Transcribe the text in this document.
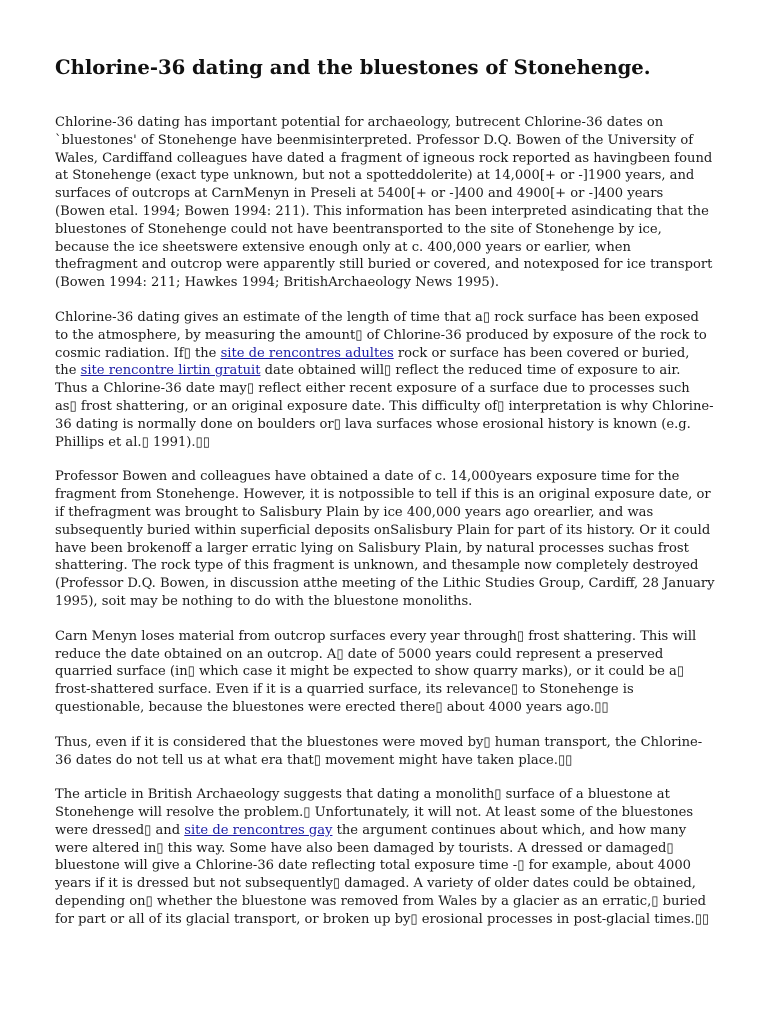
Chlorine-36 dating and the bluestones of Stonehenge.

Chlorine-36 dating has important potential for archaeology, butrecent Chlorine-36 dates on `bluestones' of Stonehenge have beenmisinterpreted. Professor D.Q. Bowen of the University of Wales, Cardiffand colleagues have dated a fragment of igneous rock reported as havingbeen found at Stonehenge (exact type unknown, but not a spotteddolerite) at 14,000[+ or -]1900 years, and surfaces of outcrops at CarnMenyn in Preseli at 5400[+ or -]400 and 4900[+ or -]400 years (Bowen etal. 1994; Bowen 1994: 211). This information has been interpreted asindicating that the bluestones of Stonehenge could not have beentransported to the site of Stonehenge by ice, because the ice sheetswere extensive enough only at c. 400,000 years or earlier, when thefragment and outcrop were apparently still buried or covered, and notexposed for ice transport (Bowen 1994: 211; Hawkes 1994; BritishArchaeology News 1995).

Chlorine-36 dating gives an estimate of the length of time that a▯ rock surface has been exposed to the atmosphere, by measuring the amount▯ of Chlorine-36 produced by exposure of the rock to cosmic radiation. If▯ the site de rencontres adultes rock or surface has been covered or buried, the site rencontre lirtin gratuit date obtained will▯ reflect the reduced time of exposure to air. Thus a Chlorine-36 date may▯ reflect either recent exposure of a surface due to processes such as▯ frost shattering, or an original exposure date. This difficulty of▯ interpretation is why Chlorine-36 dating is normally done on boulders or▯ lava surfaces whose erosional history is known (e.g. Phillips et al.▯ 1991).▯▯

Professor Bowen and colleagues have obtained a date of c. 14,000years exposure time for the fragment from Stonehenge. However, it is notpossible to tell if this is an original exposure date, or if thefragment was brought to Salisbury Plain by ice 400,000 years ago orearlier, and was subsequently buried within superficial deposits onSalisbury Plain for part of its history. Or it could have been brokenoff a larger erratic lying on Salisbury Plain, by natural processes suchas frost shattering. The rock type of this fragment is unknown, and thesample now completely destroyed (Professor D.Q. Bowen, in discussion atthe meeting of the Lithic Studies Group, Cardiff, 28 January 1995), soit may be nothing to do with the bluestone monoliths.

Carn Menyn loses material from outcrop surfaces every year through▯ frost shattering. This will reduce the date obtained on an outcrop. A▯ date of 5000 years could represent a preserved quarried surface (in▯ which case it might be expected to show quarry marks), or it could be a▯ frost-shattered surface. Even if it is a quarried surface, its relevance▯ to Stonehenge is questionable, because the bluestones were erected there▯ about 4000 years ago.▯▯

Thus, even if it is considered that the bluestones were moved by▯ human transport, the Chlorine-36 dates do not tell us at what era that▯ movement might have taken place.▯▯

The article in British Archaeology suggests that dating a monolith▯ surface of a bluestone at Stonehenge will resolve the problem.▯ Unfortunately, it will not. At least some of the bluestones were dressed▯ and site de rencontres gay the argument continues about which, and how many were altered in▯ this way. Some have also been damaged by tourists. A dressed or damaged▯ bluestone will give a Chlorine-36 date reflecting total exposure time -▯ for example, about 4000 years if it is dressed but not subsequently▯ damaged. A variety of older dates could be obtained, depending on▯ whether the bluestone was removed from Wales by a glacier as an erratic,▯ buried for part or all of its glacial transport, or broken up by▯ erosional processes in post-glacial times.▯▯
